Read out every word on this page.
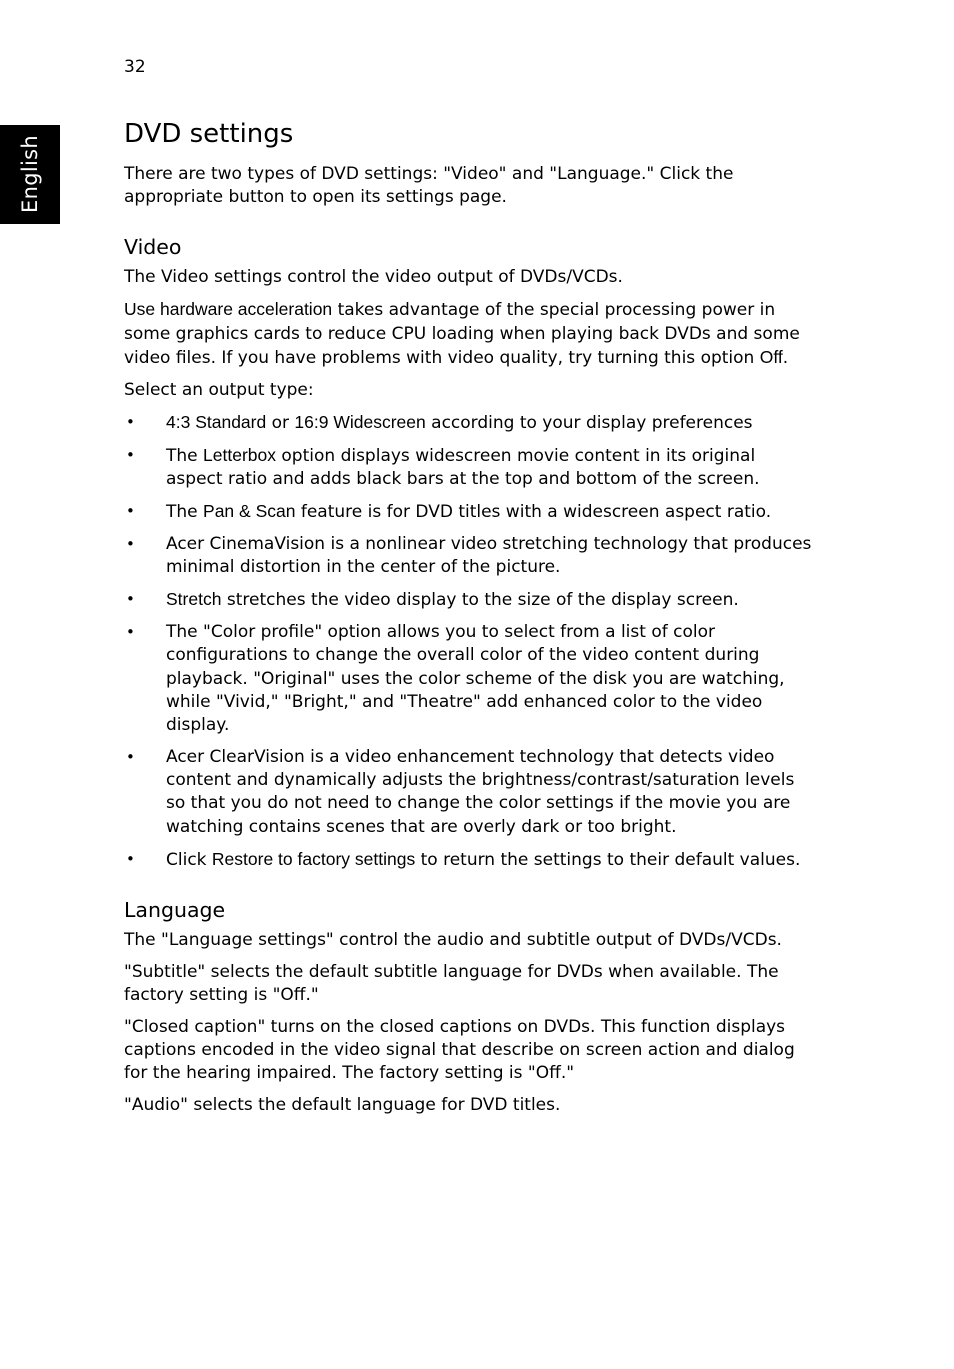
32
English
DVD settings

There are two types of DVD settings: "Video" and "Language." Click the appropriate button to open its settings page.

Video

The Video settings control the video output of DVDs/VCDs.

Use hardware acceleration takes advantage of the special processing power in some graphics cards to reduce CPU loading when playing back DVDs and some video files. If you have problems with video quality, try turning this option Off.

Select an output type:

• 4:3 Standard or 16:9 Widescreen according to your display preferences
• The Letterbox option displays widescreen movie content in its original aspect ratio and adds black bars at the top and bottom of the screen.
• The Pan & Scan feature is for DVD titles with a widescreen aspect ratio.
• Acer CinemaVision is a nonlinear video stretching technology that produces minimal distortion in the center of the picture.
• Stretch stretches the video display to the size of the display screen.
• The "Color profile" option allows you to select from a list of color configurations to change the overall color of the video content during playback. "Original" uses the color scheme of the disk you are watching, while "Vivid," "Bright," and "Theatre" add enhanced color to the video display.
• Acer ClearVision is a video enhancement technology that detects video content and dynamically adjusts the brightness/contrast/saturation levels so that you do not need to change the color settings if the movie you are watching contains scenes that are overly dark or too bright.
• Click Restore to factory settings to return the settings to their default values.
Language

The "Language settings" control the audio and subtitle output of DVDs/VCDs.

"Subtitle" selects the default subtitle language for DVDs when available. The factory setting is "Off."

"Closed caption" turns on the closed captions on DVDs. This function displays captions encoded in the video signal that describe on screen action and dialog for the hearing impaired. The factory setting is "Off."

"Audio" selects the default language for DVD titles.
